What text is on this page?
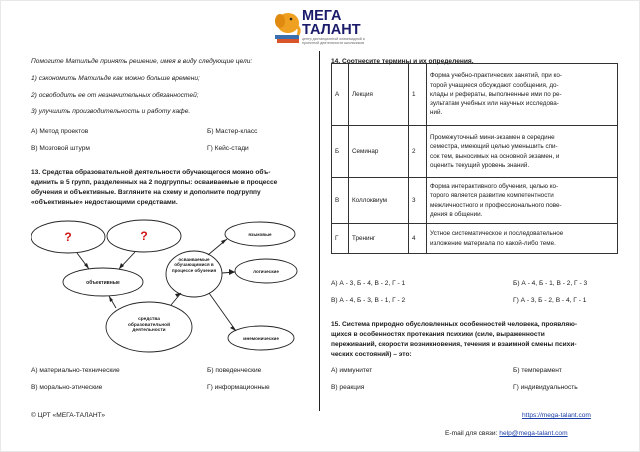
МЕГА
ТАЛАНТ
центр дистанционной олимпиадной и проектной деятельности школьников
Помогите Матильде принять решение, имея в виду следующие цели:
1) сэкономить Матильде как можно больше времени;
2) освободить ее от незначительных обязанностей;
3) улучшить производительность и работу кафе.
А) Метод проектов	Б) Мастер-класс
В) Мозговой штурм	Г) Кейс-стади
13. Средства образовательной деятельности обучающегося можно объ-
единить в 5 групп, разделенных на 2 подгруппы: осваиваемые в процессе
обучения и объективные. Взгляните на схему и дополните подгруппу
«объективные» недостающими средствами.
?	?
объективные
языковые
логические
мнемонические
осваиваемые обучающимися в процессе обучения
средства образовательной деятельности
А) материально-технические	Б) поведенческие
В) морально-этические	Г) информационные
14. Соотнесите термины и их определения.
А	Лекция	1	Форма учебно-практических занятий, при ко-
торой учащиеся обсуждают сообщения, до-
клады и рефераты, выполненные ими по ре-
зультатам учебных или научных исследова-
ний.

Б	Семинар	2	Промежуточный мини-экзамен в середине
семестра, имеющий целью уменьшить спи-
сок тем, выносимых на основной экзамен, и
оценить текущий уровень знаний.

В	Коллоквиум	3	Форма интерактивного обучения, целью ко-
торого является развитие компетентности
межличностного и профессионального пове-
дения в общении.

Г	Тренинг	4	Устное систематическое и последовательное
изложение материала по какой-либо теме.
А) А - 3, Б - 4, В - 2, Г - 1	Б) А - 4, Б - 1, В - 2, Г - 3
В) А - 4, Б - 3, В - 1, Г - 2	Г) А - 3, Б - 2, В - 4, Г - 1
15. Система природно обусловленных особенностей человека, проявляю-
щихся в особенностях протекания психики (силе, выраженности
переживаний, скорости возникновения, течения и взаимной смены психи-
ческих состояний) – это:
А) иммунитет	Б) темперамент
В) реакция	Г) индивидуальность
© ЦРТ «МЕГА-ТАЛАНТ»	https://mega-talant.com
E-mail для связи: help@mega-talant.com
